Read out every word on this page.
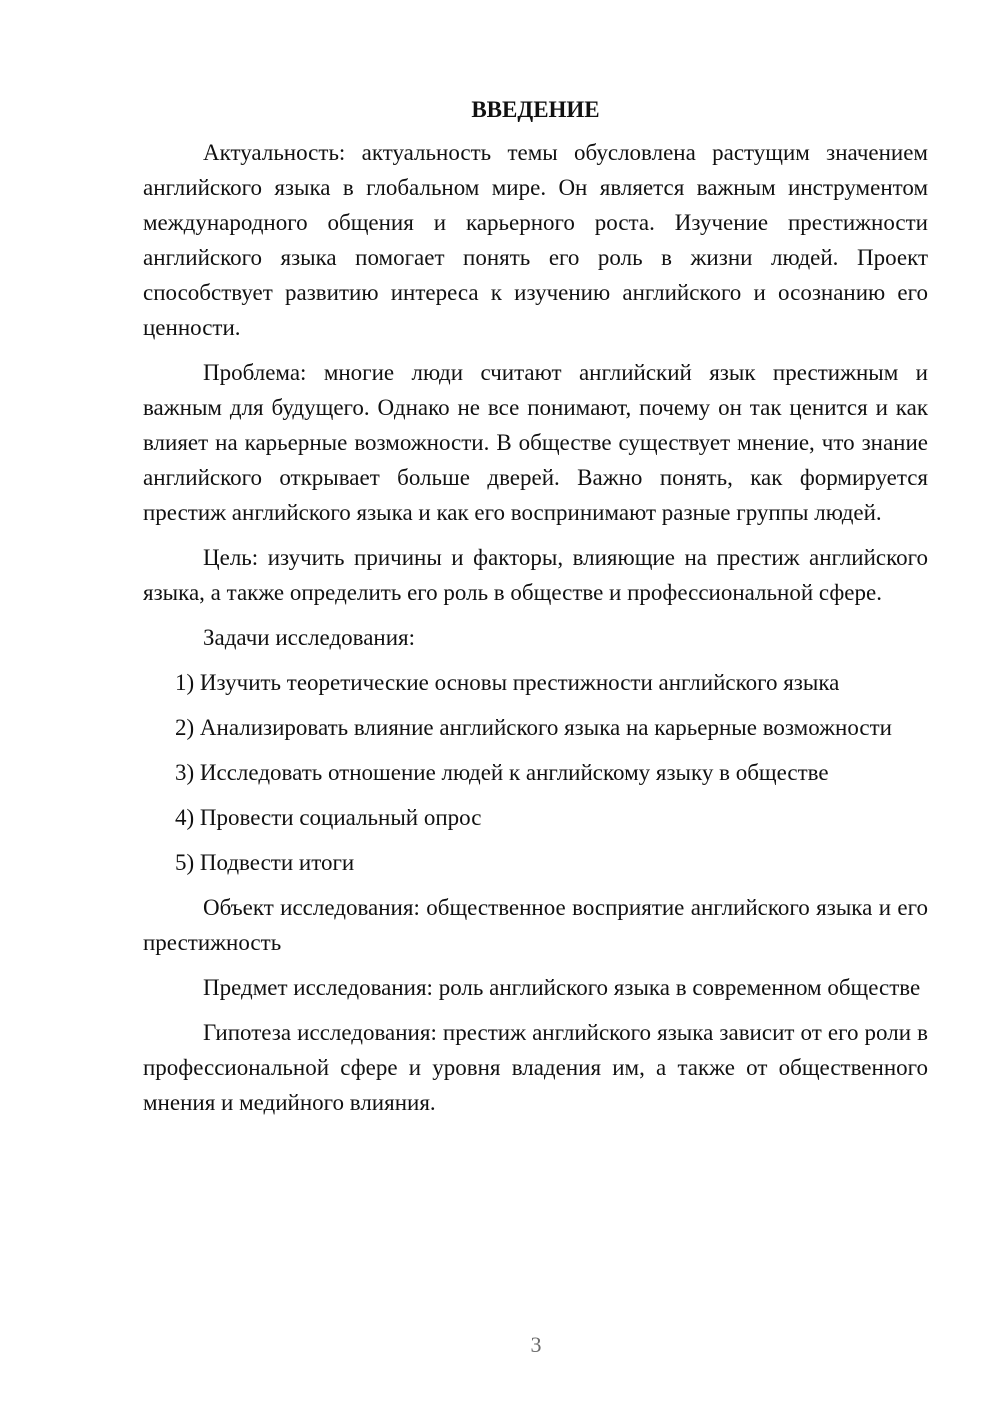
ВВЕДЕНИЕ

Актуальность: актуальность темы обусловлена растущим значением английского языка в глобальном мире. Он является важным инструментом международного общения и карьерного роста. Изучение престижности английского языка помогает понять его роль в жизни людей. Проект способствует развитию интереса к изучению английского и осознанию его ценности.

Проблема: многие люди считают английский язык престижным и важным для будущего. Однако не все понимают, почему он так ценится и как влияет на карьерные возможности. В обществе существует мнение, что знание английского открывает больше дверей. Важно понять, как формируется престиж английского языка и как его воспринимают разные группы людей.

Цель: изучить причины и факторы, влияющие на престиж английского языка, а также определить его роль в обществе и профессиональной сфере.

Задачи исследования:

1) Изучить теоретические основы престижности английского языка

2) Анализировать влияние английского языка на карьерные возможности

3) Исследовать отношение людей к английскому языку в обществе

4) Провести социальный опрос

5) Подвести итоги

Объект исследования: общественное восприятие английского языка и его престижность

Предмет исследования: роль английского языка в современном обществе

Гипотеза исследования: престиж английского языка зависит от его роли в профессиональной сфере и уровня владения им, а также от общественного мнения и медийного влияния.

3
